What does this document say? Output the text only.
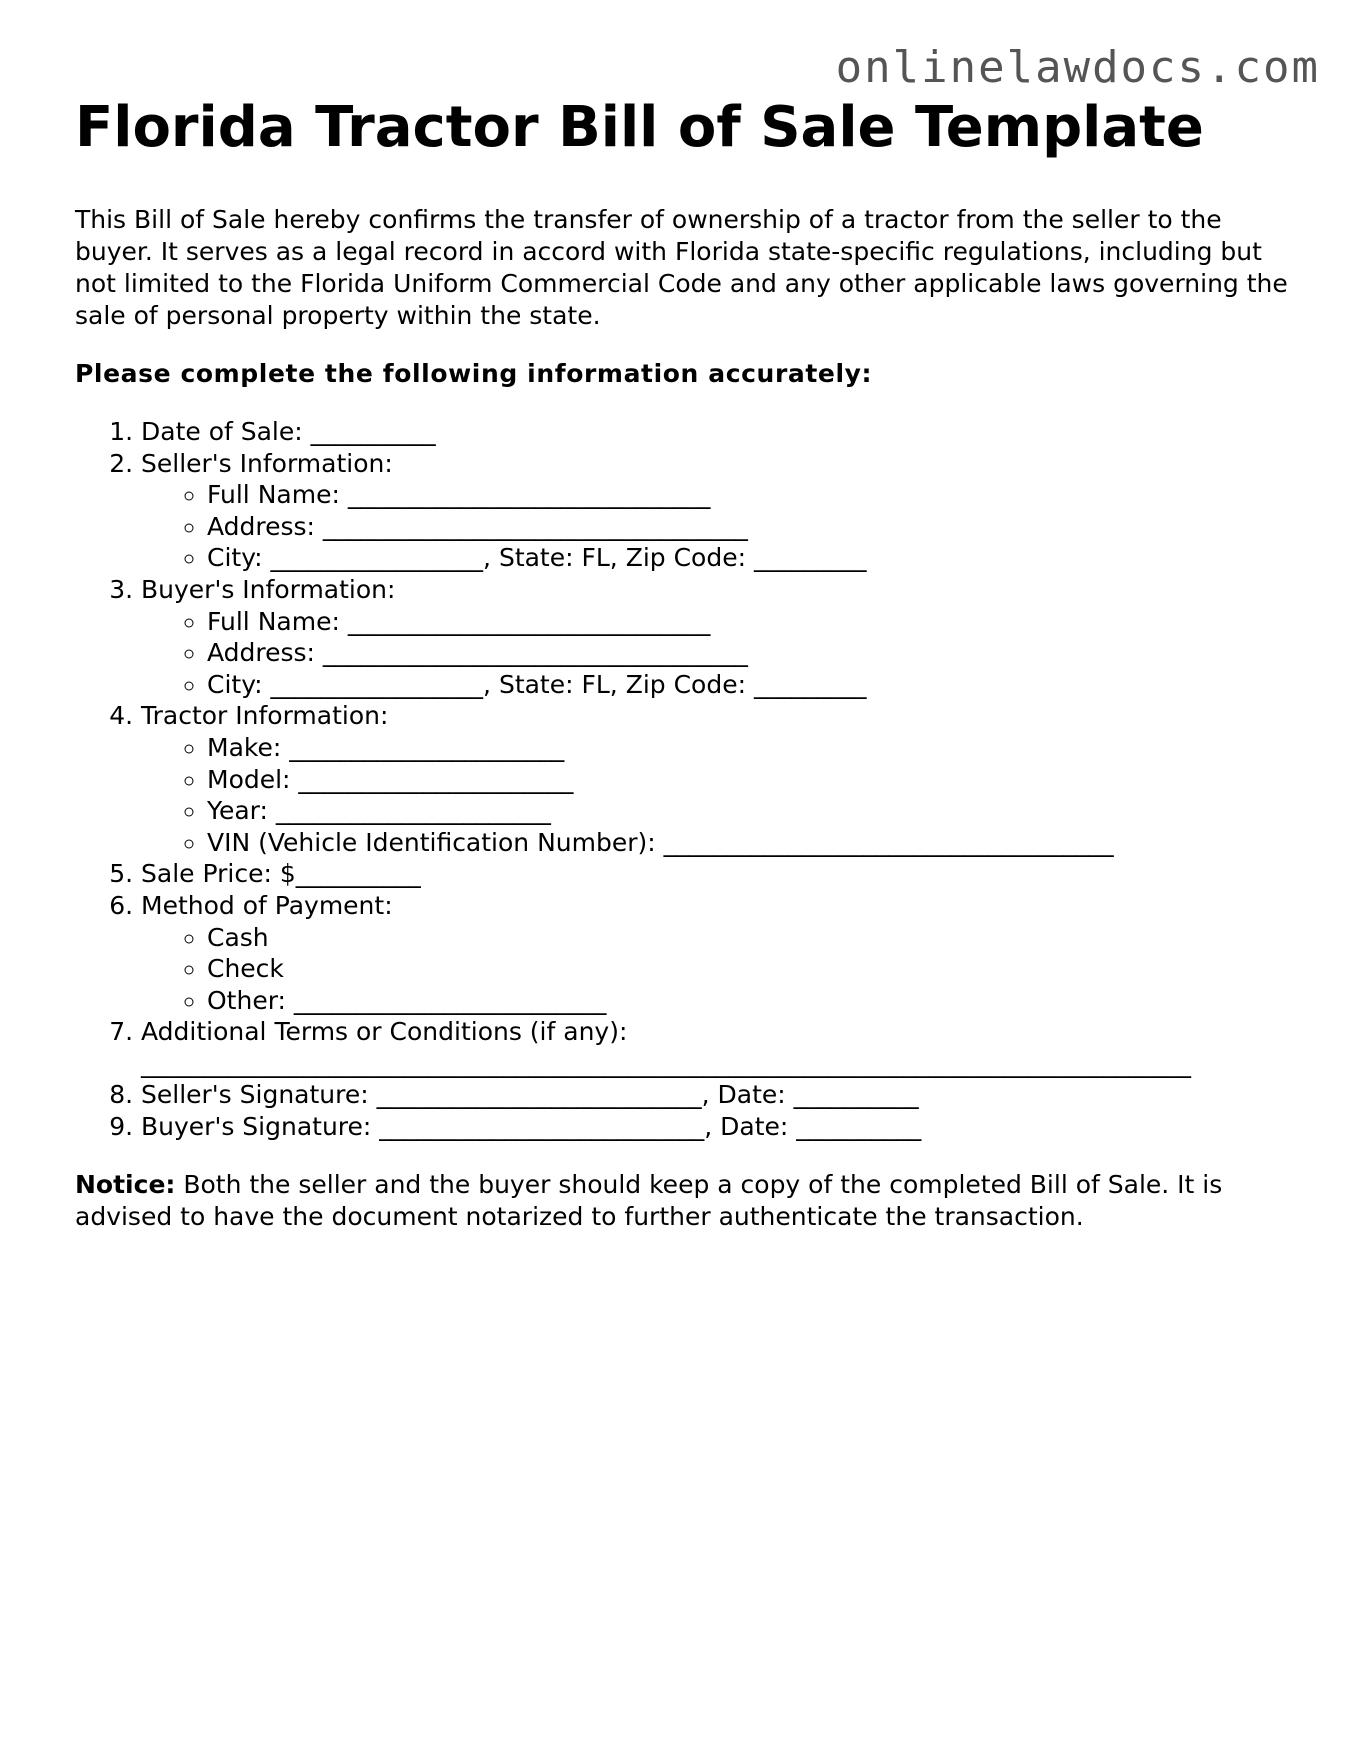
onlinelawdocs.com
Florida Tractor Bill of Sale Template

This Bill of Sale hereby confirms the transfer of ownership of a tractor from the seller to the buyer. It serves as a legal record in accord with Florida state-specific regulations, including but not limited to the Florida Uniform Commercial Code and any other applicable laws governing the sale of personal property within the state.

Please complete the following information accurately:

1. Date of Sale: __________
2. Seller's Information:
◦ Full Name: _____________________________
◦ Address: __________________________________
◦ City: _________________, State: FL, Zip Code: _________
3. Buyer's Information:
◦ Full Name: _____________________________
◦ Address: __________________________________
◦ City: _________________, State: FL, Zip Code: _________
4. Tractor Information:
◦ Make: ______________________
◦ Model: ______________________
◦ Year: ______________________
◦ VIN (Vehicle Identification Number): ____________________________________
5. Sale Price: $__________
6. Method of Payment:
◦ Cash
◦ Check
◦ Other: _________________________
7. Additional Terms or Conditions (if any):
____________________________________________________________________________________
8. Seller's Signature: __________________________, Date: __________
9. Buyer's Signature: __________________________, Date: __________

Notice: Both the seller and the buyer should keep a copy of the completed Bill of Sale. It is advised to have the document notarized to further authenticate the transaction.
